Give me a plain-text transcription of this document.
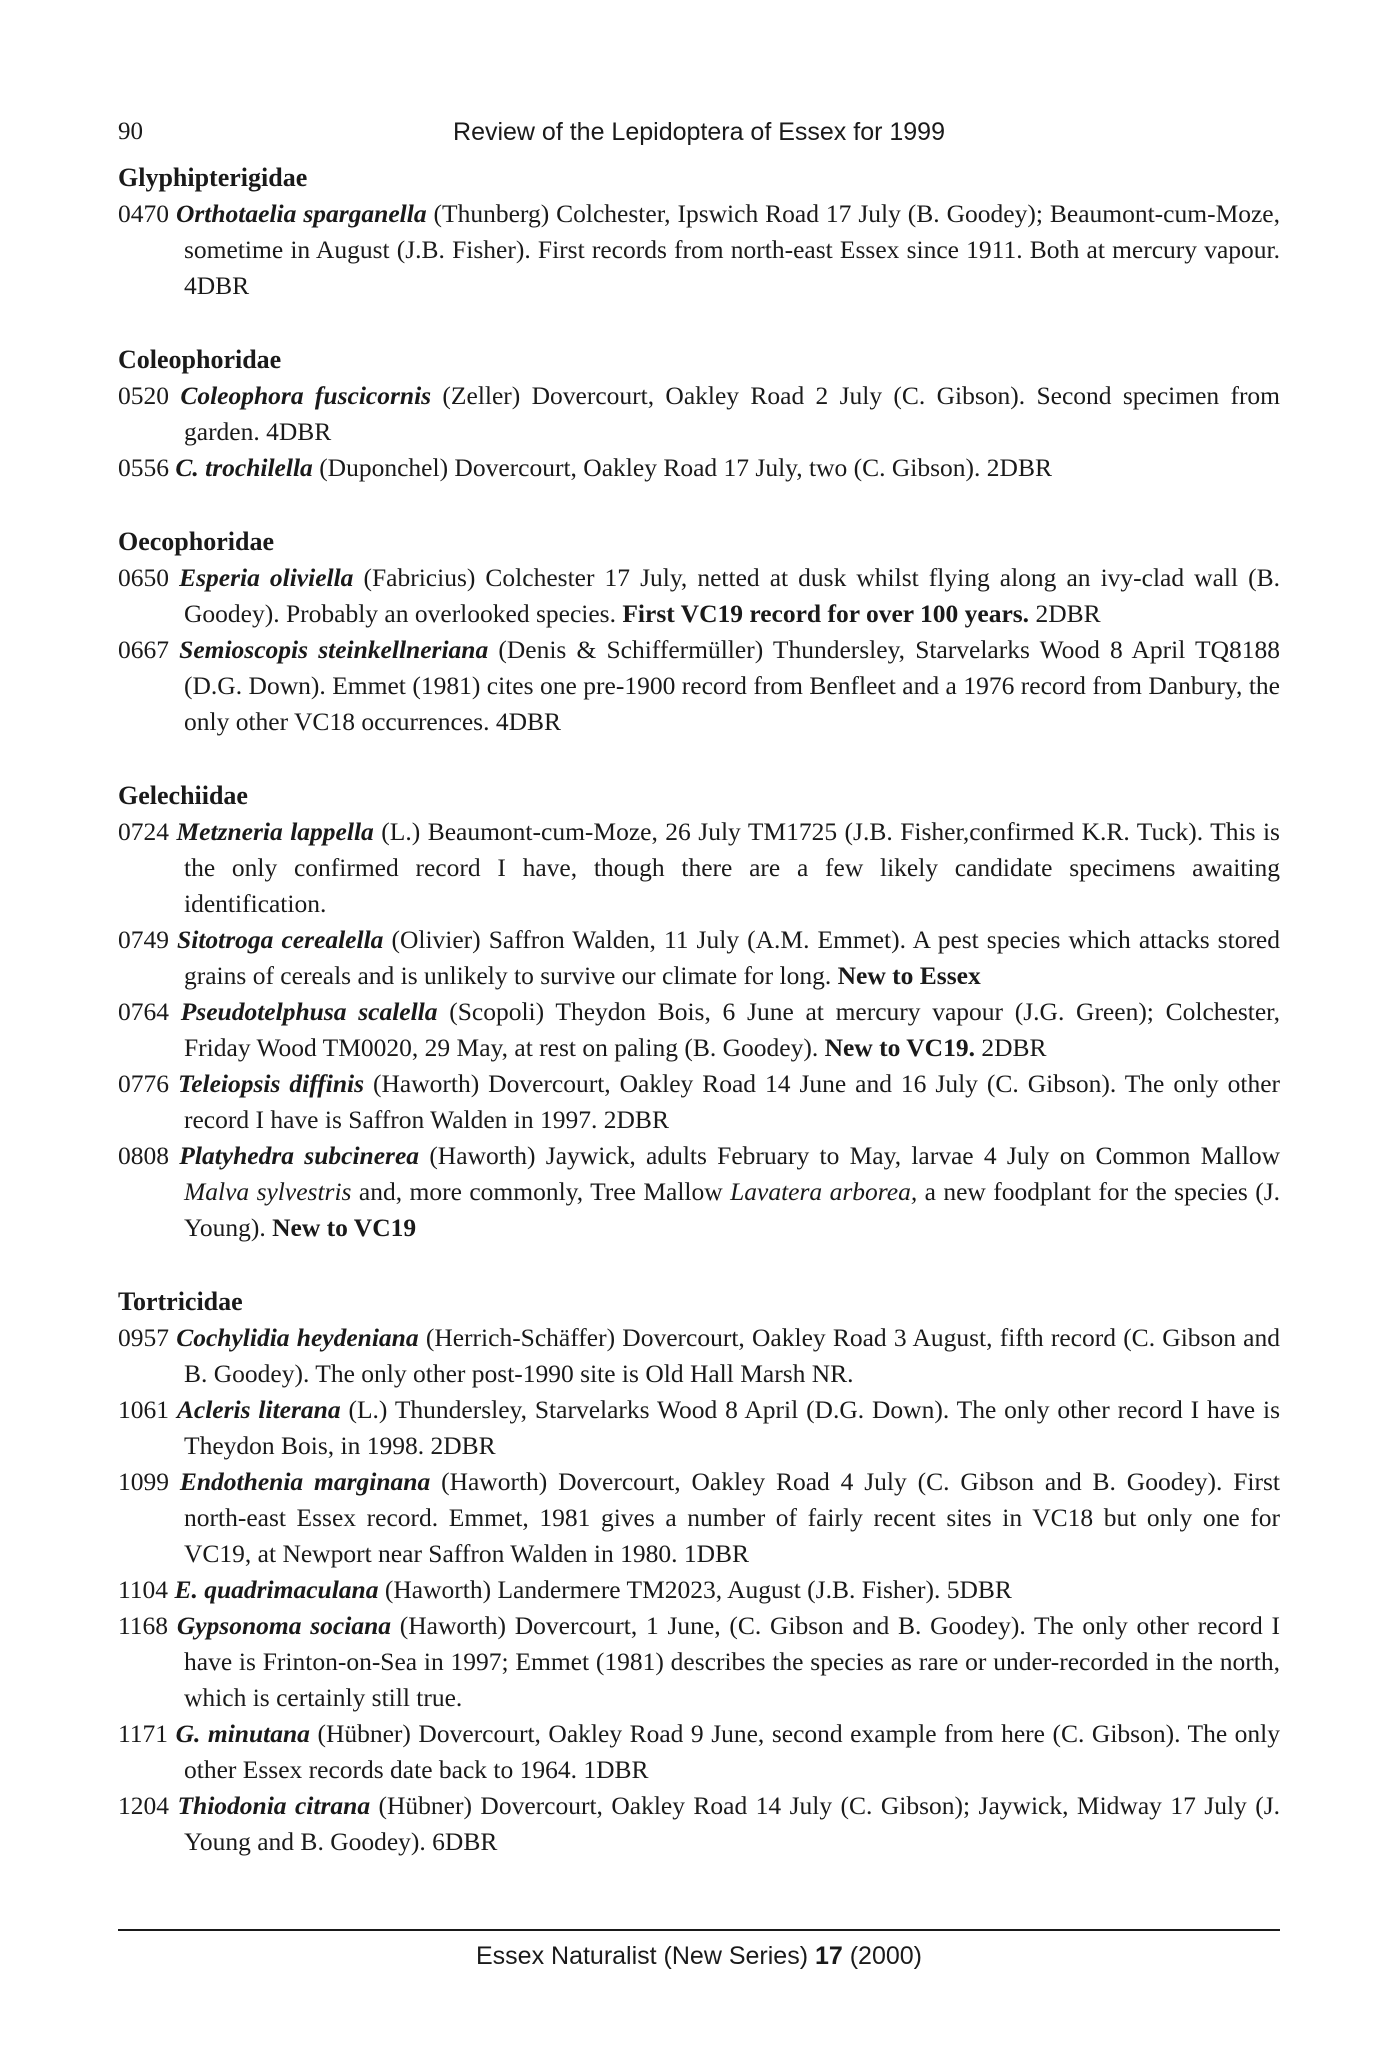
90	Review of the Lepidoptera of Essex for 1999
Glyphipterigidae

0470 Orthotaelia sparganella (Thunberg) Colchester, Ipswich Road 17 July (B. Goodey); Beaumont-cum-Moze, sometime in August (J.B. Fisher). First records from north-east Essex since 1911. Both at mercury vapour. 4DBR

Coleophoridae

0520 Coleophora fuscicornis (Zeller) Dovercourt, Oakley Road 2 July (C. Gibson). Second specimen from garden. 4DBR

0556 C. trochilella (Duponchel) Dovercourt, Oakley Road 17 July, two (C. Gibson). 2DBR

Oecophoridae

0650 Esperia oliviella (Fabricius) Colchester 17 July, netted at dusk whilst flying along an ivy-clad wall (B. Goodey). Probably an overlooked species. First VC19 record for over 100 years. 2DBR

0667 Semioscopis steinkellneriana (Denis & Schiffermüller) Thundersley, Starvelarks Wood 8 April TQ8188 (D.G. Down). Emmet (1981) cites one pre-1900 record from Benfleet and a 1976 record from Danbury, the only other VC18 occurrences. 4DBR

Gelechiidae

0724 Metzneria lappella (L.) Beaumont-cum-Moze, 26 July TM1725 (J.B. Fisher,confirmed K.R. Tuck). This is the only confirmed record I have, though there are a few likely candidate specimens awaiting identification.

0749 Sitotroga cerealella (Olivier) Saffron Walden, 11 July (A.M. Emmet). A pest species which attacks stored grains of cereals and is unlikely to survive our climate for long. New to Essex

0764 Pseudotelphusa scalella (Scopoli) Theydon Bois, 6 June at mercury vapour (J.G. Green); Colchester, Friday Wood TM0020, 29 May, at rest on paling (B. Goodey). New to VC19. 2DBR

0776 Teleiopsis diffinis (Haworth) Dovercourt, Oakley Road 14 June and 16 July (C. Gibson). The only other record I have is Saffron Walden in 1997. 2DBR

0808 Platyhedra subcinerea (Haworth) Jaywick, adults February to May, larvae 4 July on Common Mallow Malva sylvestris and, more commonly, Tree Mallow Lavatera arborea, a new foodplant for the species (J. Young). New to VC19

Tortricidae

0957 Cochylidia heydeniana (Herrich-Schäffer) Dovercourt, Oakley Road 3 August, fifth record (C. Gibson and B. Goodey). The only other post-1990 site is Old Hall Marsh NR.

1061 Acleris literana (L.) Thundersley, Starvelarks Wood 8 April (D.G. Down). The only other record I have is Theydon Bois, in 1998. 2DBR

1099 Endothenia marginana (Haworth) Dovercourt, Oakley Road 4 July (C. Gibson and B. Goodey). First north-east Essex record. Emmet, 1981 gives a number of fairly recent sites in VC18 but only one for VC19, at Newport near Saffron Walden in 1980. 1DBR

1104 E. quadrimaculana (Haworth) Landermere TM2023, August (J.B. Fisher). 5DBR

1168 Gypsonoma sociana (Haworth) Dovercourt, 1 June, (C. Gibson and B. Goodey). The only other record I have is Frinton-on-Sea in 1997; Emmet (1981) describes the species as rare or under-recorded in the north, which is certainly still true.

1171 G. minutana (Hübner) Dovercourt, Oakley Road 9 June, second example from here (C. Gibson). The only other Essex records date back to 1964. 1DBR

1204 Thiodonia citrana (Hübner) Dovercourt, Oakley Road 14 July (C. Gibson); Jaywick, Midway 17 July (J. Young and B. Goodey). 6DBR

Essex Naturalist (New Series) 17 (2000)
